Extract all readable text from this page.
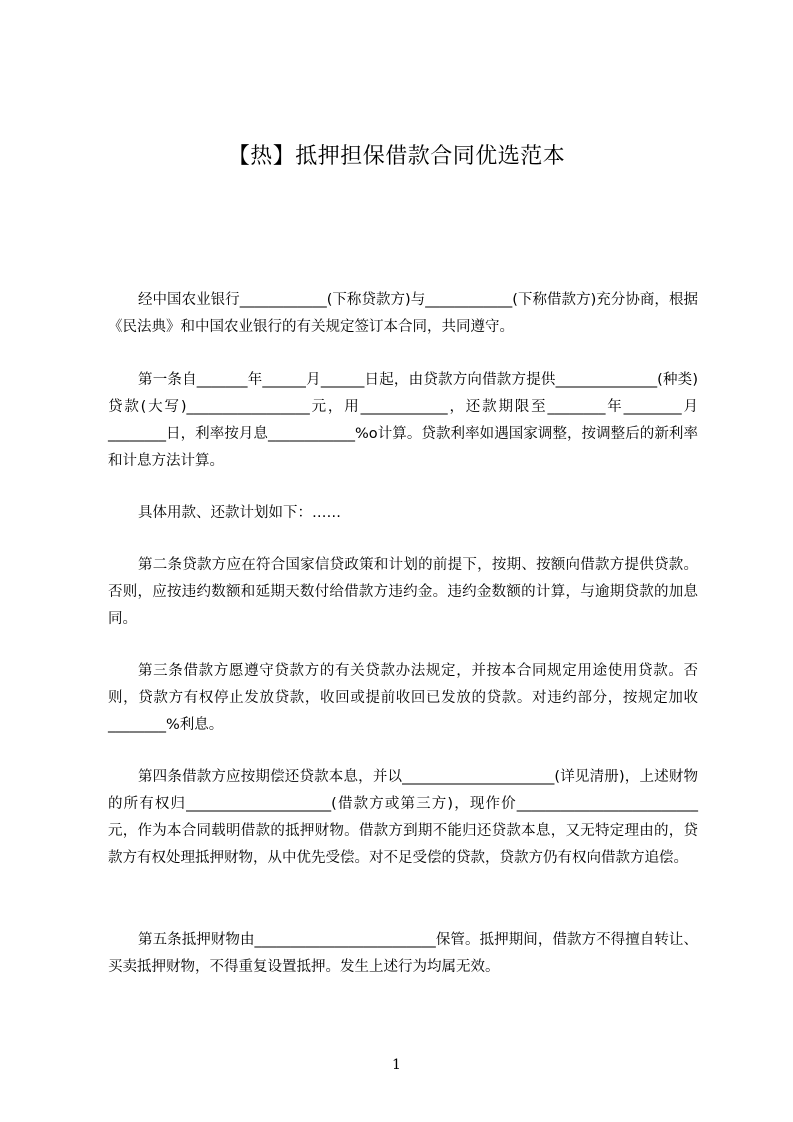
【热】抵押担保借款合同优选范本

经中国农业银行____________(下称贷款方)与____________(下称借款方)充分协商，根据《民法典》和中国农业银行的有关规定签订本合同，共同遵守。

第一条自_______年______月______日起，由贷款方向借款方提供______________(种类)贷款(大写)_________________元，用____________，还款期限至________年________月________日，利率按月息____________%o计算。贷款利率如遇国家调整，按调整后的新利率和计息方法计算。

具体用款、还款计划如下：……

第二条贷款方应在符合国家信贷政策和计划的前提下，按期、按额向借款方提供贷款。否则，应按违约数额和延期天数付给借款方违约金。违约金数额的计算，与逾期贷款的加息同。

第三条借款方愿遵守贷款方的有关贷款办法规定，并按本合同规定用途使用贷款。否则，贷款方有权停止发放贷款，收回或提前收回已发放的贷款。对违约部分，按规定加收________%利息。

第四条借款方应按期偿还贷款本息，并以_____________________(详见清册)，上述财物的所有权归____________________(借款方或第三方)，现作价_________________________元，作为本合同载明借款的抵押财物。借款方到期不能归还贷款本息，又无特定理由的，贷款方有权处理抵押财物，从中优先受偿。对不足受偿的贷款，贷款方仍有权向借款方追偿。

第五条抵押财物由_________________________保管。抵押期间，借款方不得擅自转让、买卖抵押财物，不得重复设置抵押。发生上述行为均属无效。

1
